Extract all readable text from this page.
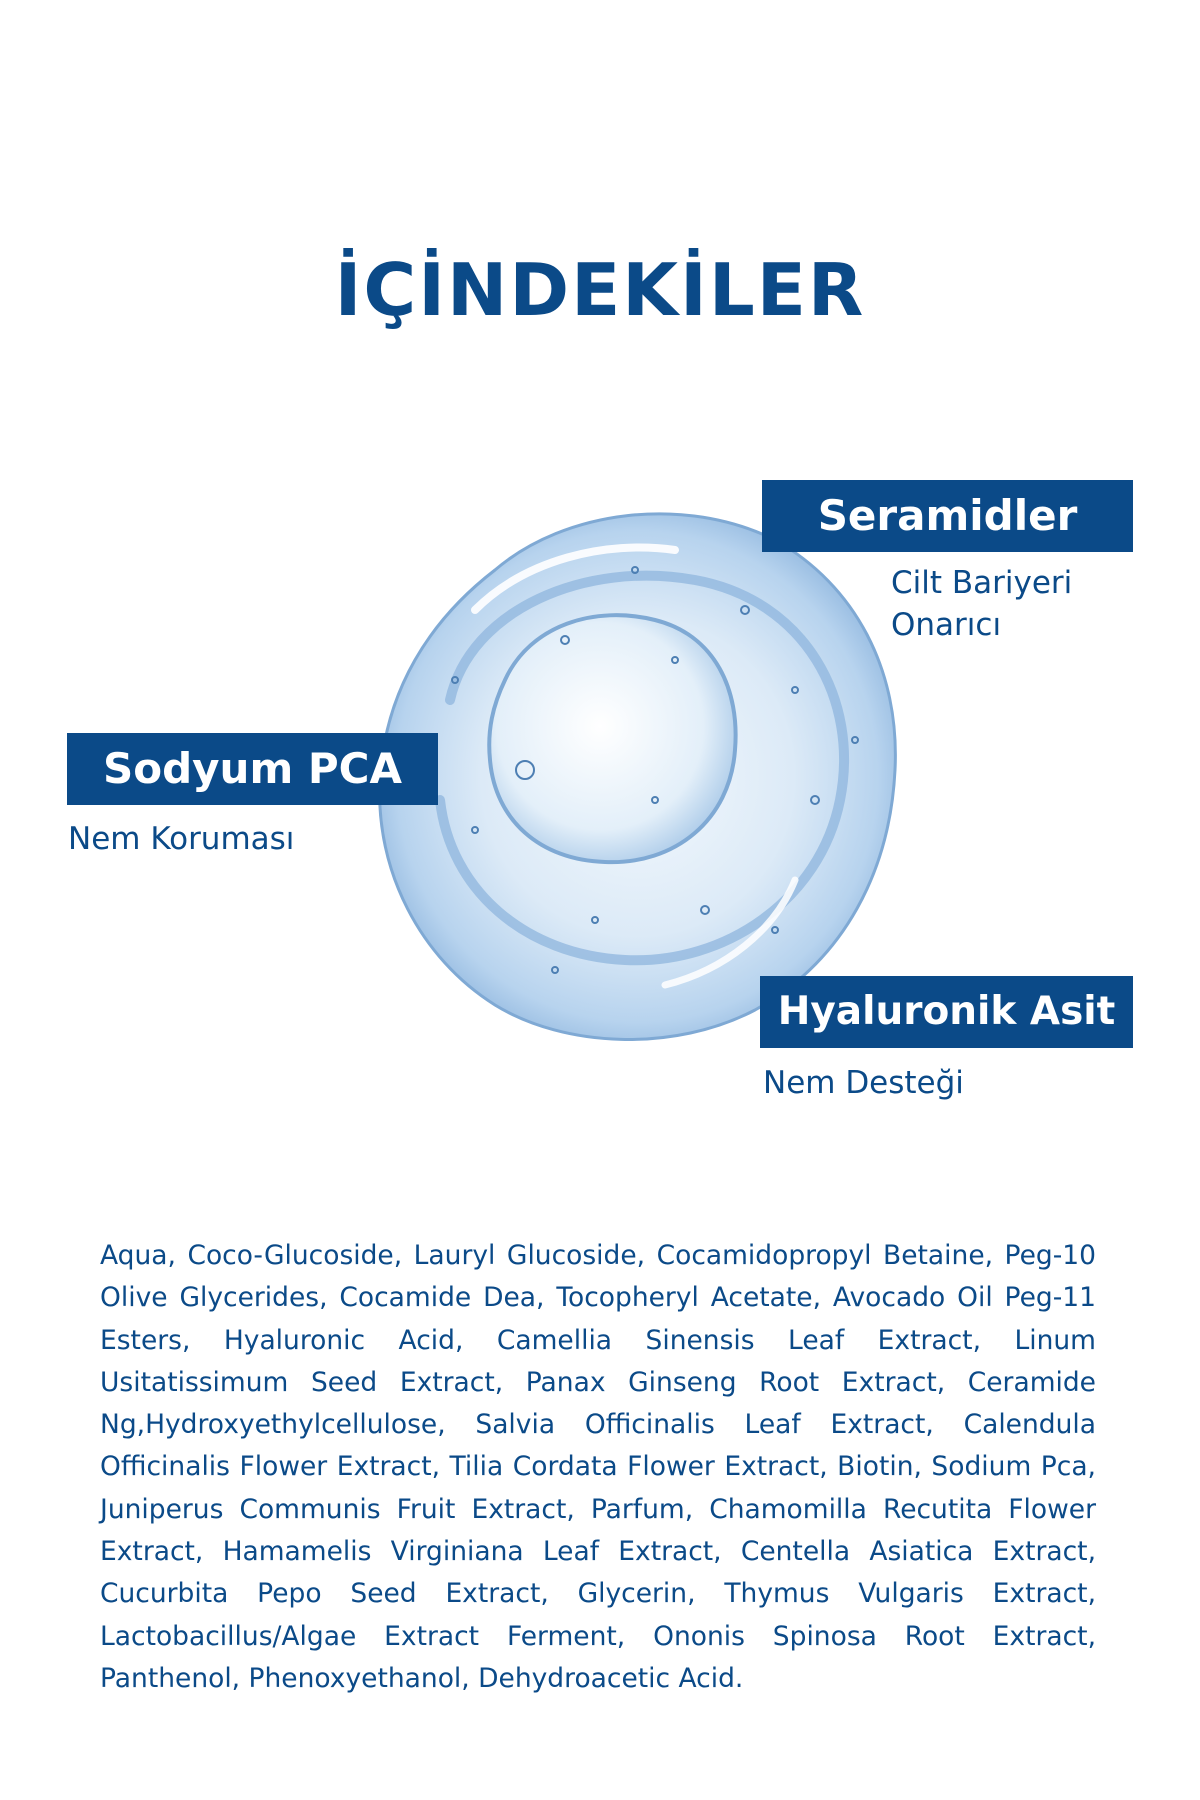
İÇİNDEKİLER
Seramidler
Cilt Bariyeri
Onarıcı
Sodyum PCA
Nem Koruması
Hyaluronik Asit
Nem Desteği

Aqua, Coco-Glucoside, Lauryl Glucoside, Cocamidopropyl Betaine, Peg-10 Olive Glycerides, Cocamide Dea, Tocopheryl Acetate, Avocado Oil Peg-11 Esters, Hyaluronic Acid, Camellia Sinensis Leaf Extract, Linum Usitatissimum Seed Extract, Panax Ginseng Root Extract, Ceramide Ng,Hydroxyethylcellulose, Salvia Officinalis Leaf Extract, Calendula Officinalis Flower Extract, Tilia Cordata Flower Extract, Biotin, Sodium Pca, Juniperus Communis Fruit Extract, Parfum, Chamomilla Recutita Flower Extract, Hamamelis Virginiana Leaf Extract, Centella Asiatica Extract, Cucurbita Pepo Seed Extract, Glycerin, Thymus Vulgaris Extract, Lactobacillus/Algae Extract Ferment, Ononis Spinosa Root Extract, Panthenol, Phenoxyethanol, Dehydroacetic Acid.
